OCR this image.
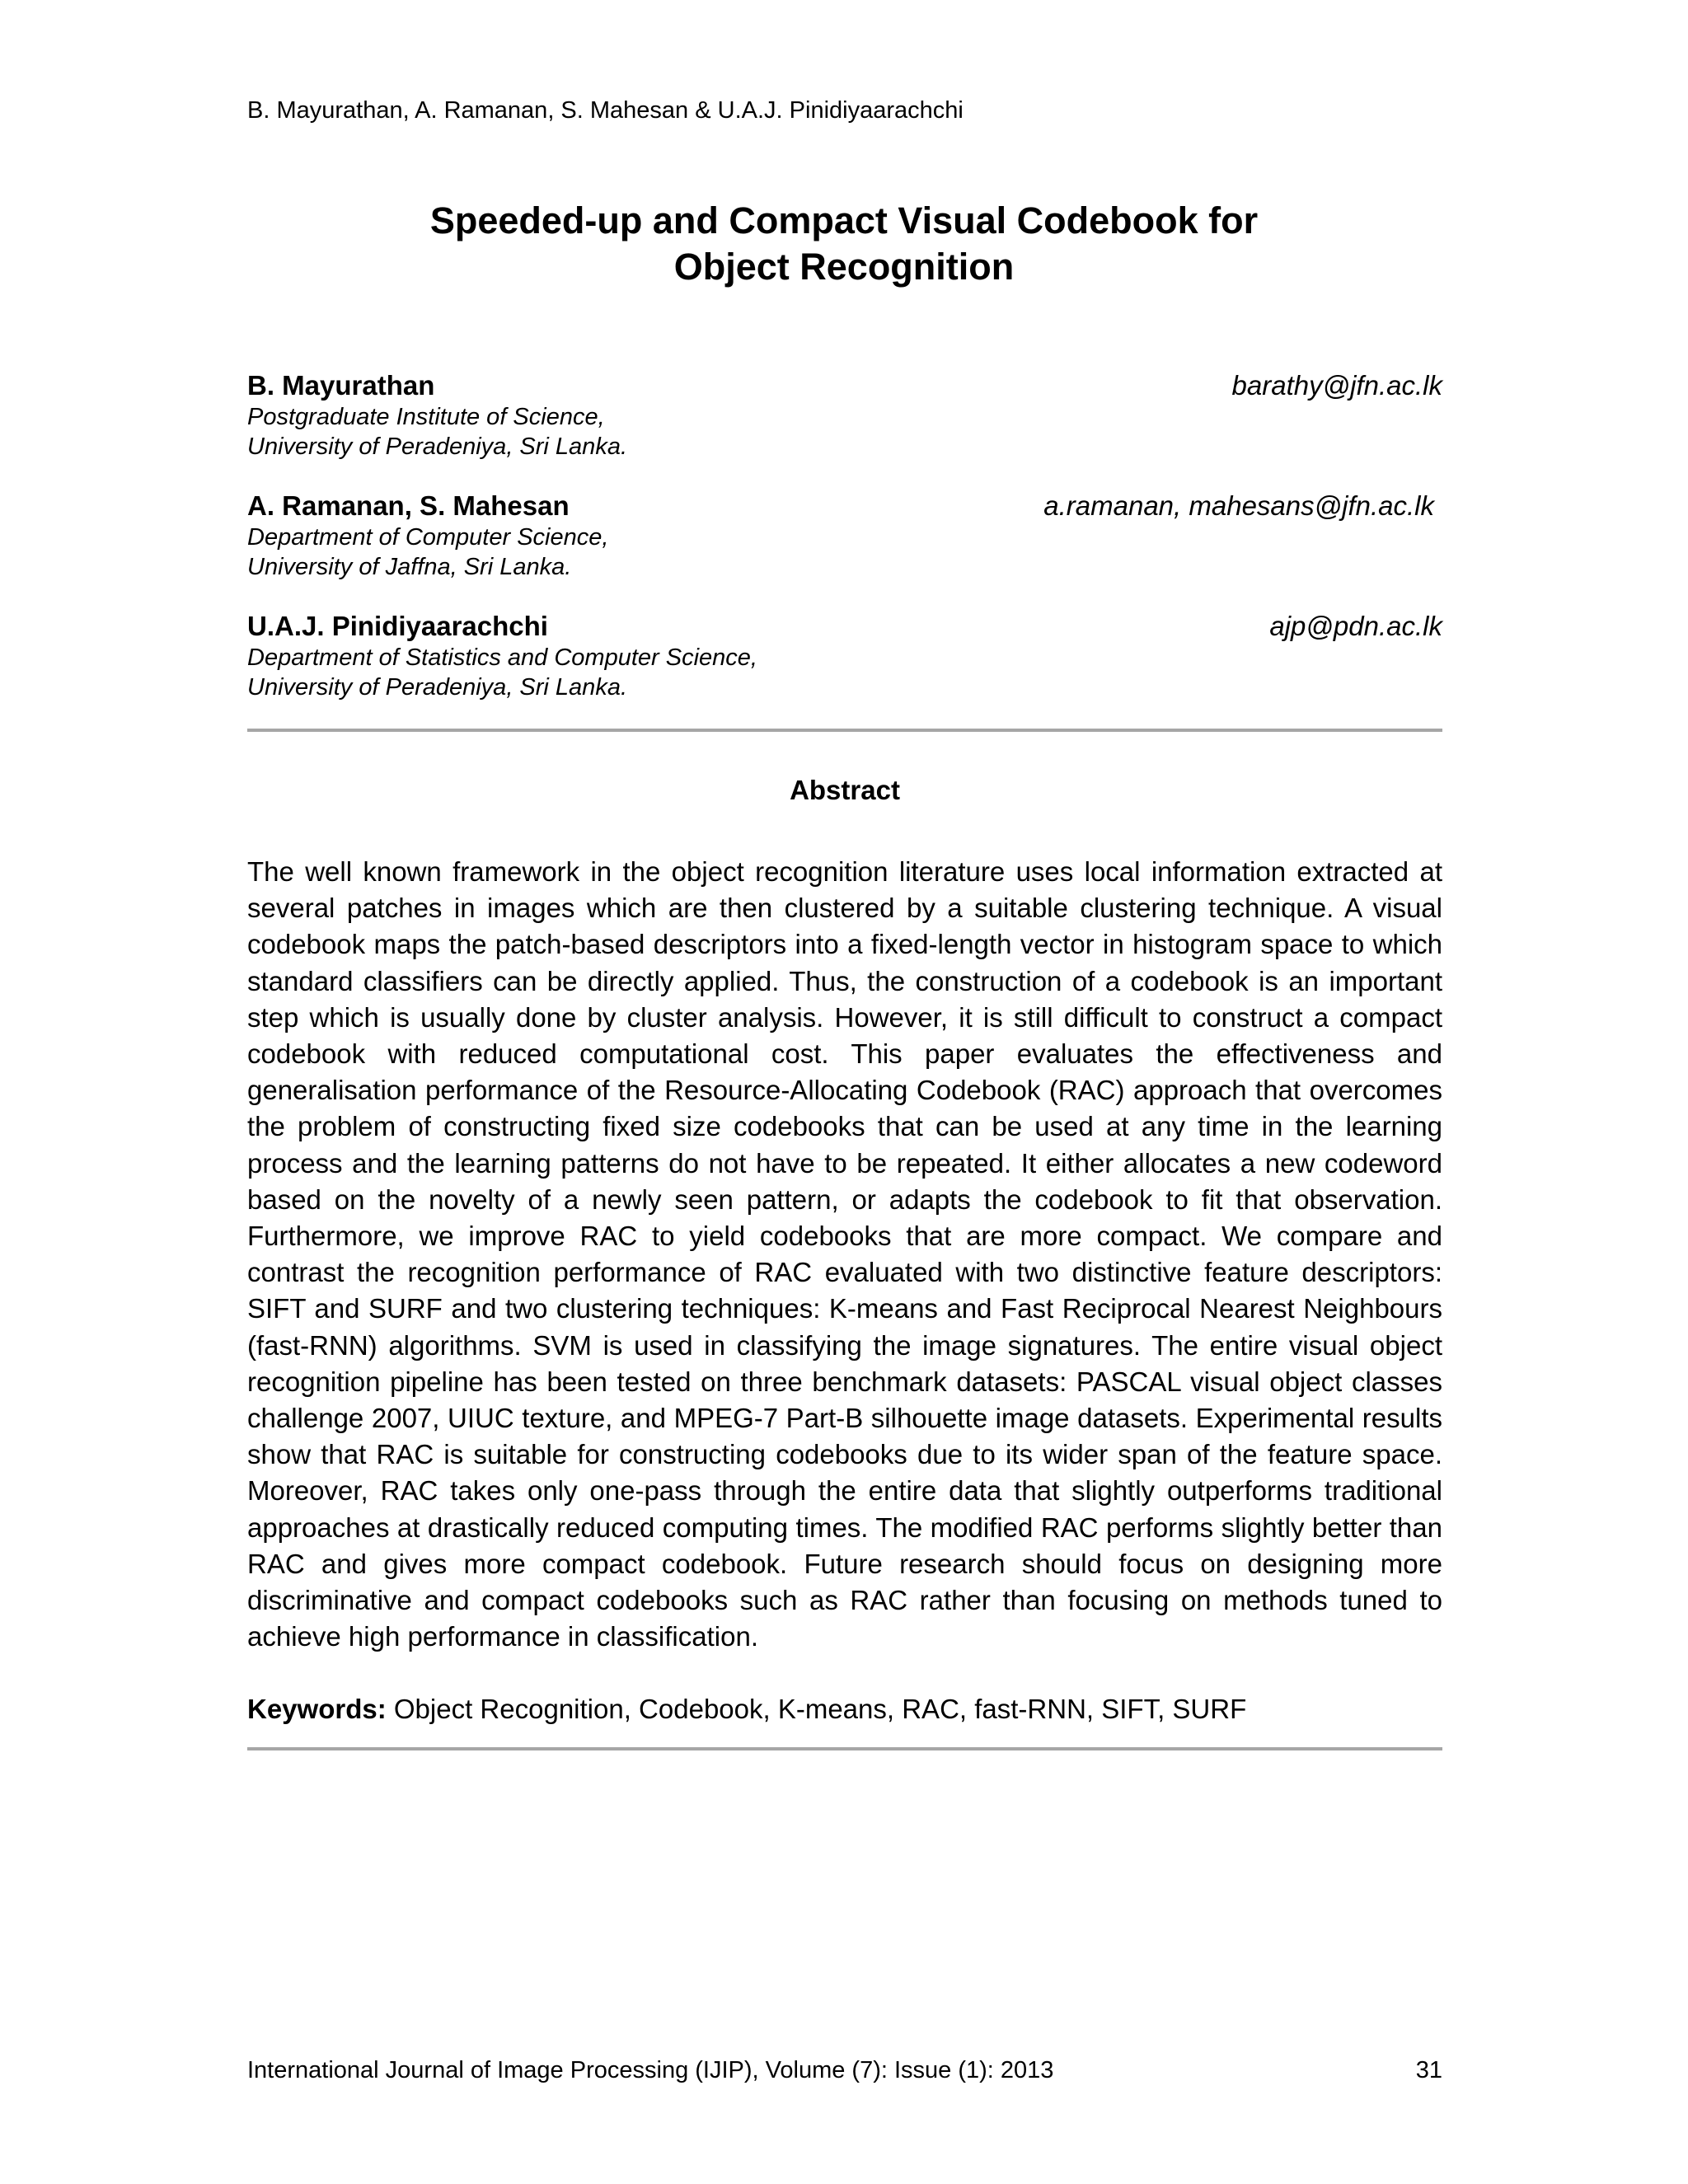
B. Mayurathan, A. Ramanan, S. Mahesan & U.A.J. Pinidiyaarachchi
Speeded-up and Compact Visual Codebook for
Object Recognition
B. Mayurathan	barathy@jfn.ac.lk
Postgraduate Institute of Science,
University of Peradeniya, Sri Lanka.
A. Ramanan, S. Mahesan	a.ramanan, mahesans@jfn.ac.lk
Department of Computer Science,
University of Jaffna, Sri Lanka.
U.A.J. Pinidiyaarachchi	ajp@pdn.ac.lk
Department of Statistics and Computer Science,
University of Peradeniya, Sri Lanka.
Abstract

The well known framework in the object recognition literature uses local information extracted at several patches in images which are then clustered by a suitable clustering technique. A visual codebook maps the patch-based descriptors into a fixed-length vector in histogram space to which standard classifiers can be directly applied. Thus, the construction of a codebook is an important step which is usually done by cluster analysis. However, it is still difficult to construct a compact codebook with reduced computational cost. This paper evaluates the effectiveness and generalisation performance of the Resource-Allocating Codebook (RAC) approach that overcomes the problem of constructing fixed size codebooks that can be used at any time in the learning process and the learning patterns do not have to be repeated. It either allocates a new codeword based on the novelty of a newly seen pattern, or adapts the codebook to fit that observation. Furthermore, we improve RAC to yield codebooks that are more compact. We compare and contrast the recognition performance of RAC evaluated with two distinctive feature descriptors: SIFT and SURF and two clustering techniques: K-means and Fast Reciprocal Nearest Neighbours (fast-RNN) algorithms. SVM is used in classifying the image signatures. The entire visual object recognition pipeline has been tested on three benchmark datasets: PASCAL visual object classes challenge 2007, UIUC texture, and MPEG-7 Part-B silhouette image datasets. Experimental results show that RAC is suitable for constructing codebooks due to its wider span of the feature space. Moreover, RAC takes only one-pass through the entire data that slightly outperforms traditional approaches at drastically reduced computing times. The modified RAC performs slightly better than RAC and gives more compact codebook. Future research should focus on designing more discriminative and compact codebooks such as RAC rather than focusing on methods tuned to achieve high performance in classification.

Keywords: Object Recognition, Codebook, K-means, RAC, fast-RNN, SIFT, SURF
International Journal of Image Processing (IJIP), Volume (7): Issue (1): 2013	31
